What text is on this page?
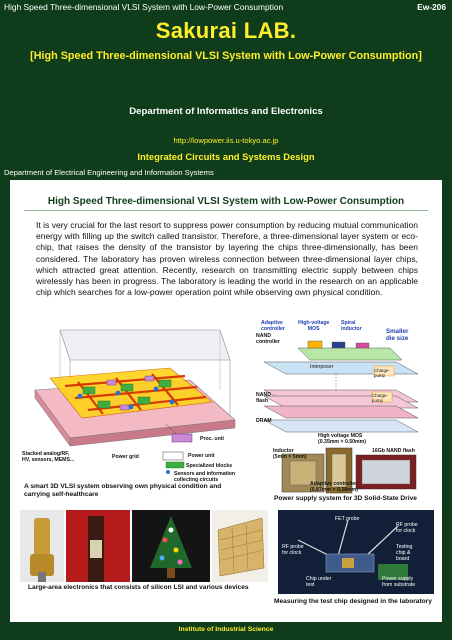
High Speed Three-dimensional VLSI System with Low-Power Consumption	Ew-206
Sakurai LAB.
[High Speed Three-dimensional VLSI System with Low-Power Consumption]
Department of Informatics and Electronics
http://lowpower.iis.u-tokyo.ac.jp
Integrated Circuits and Systems Design
Department of Electrical Engineering and Information Systems
High Speed Three-dimensional VLSI System with Low-Power Consumption
It is very crucial for the last resort to suppress power consumption by reducing mutual communication energy with filling up the switch called transistor. Therefore, a three-dimensional layer system or eco-chip, that raises the density of the transistor by layering the chips three-dimensionally, has been considered. The laboratory has proven wireless connection between three-dimensional layer chips, which attracted great attention. Recently, research on transmitting electric supply between chips wirelessly has been in progress. The laboratory is leading the world in the research on an applicable chip which searches for a low-power operation point while observing own physical condition.
Stacked analog/RF,
HV, sensors, MEMS...	Power grid
Proc. unit
Power unit
Specialized blocks
Sensors and information
collecting circuits
A smart 3D VLSI system observing own physical condition and
carrying self-healthcare
Adaptive
controller
High-voltage
MOS
Spiral
inductor	Smaller
die size
NAND
controller
Interposer
NAND
flash
DRAM
Charge-
pump
Charge-
pump
High voltage MOS
(0.35mm × 0.50mm)
Inductor
(5mm × 5mm)
16Gb NAND flash
Adaptive controller
(0.87mm × 0.28mm)
Power supply system for 3D Solid-State Drive
Large-area electronics that consists of silicon LSI and various devices
FET probe
RF probe
for clock
RF probe
for clock
Testing
chip &
board
Chip under
test
Power supply
from substrate
Measuring the test chip designed in the laboratory
Institute of Industrial Science
